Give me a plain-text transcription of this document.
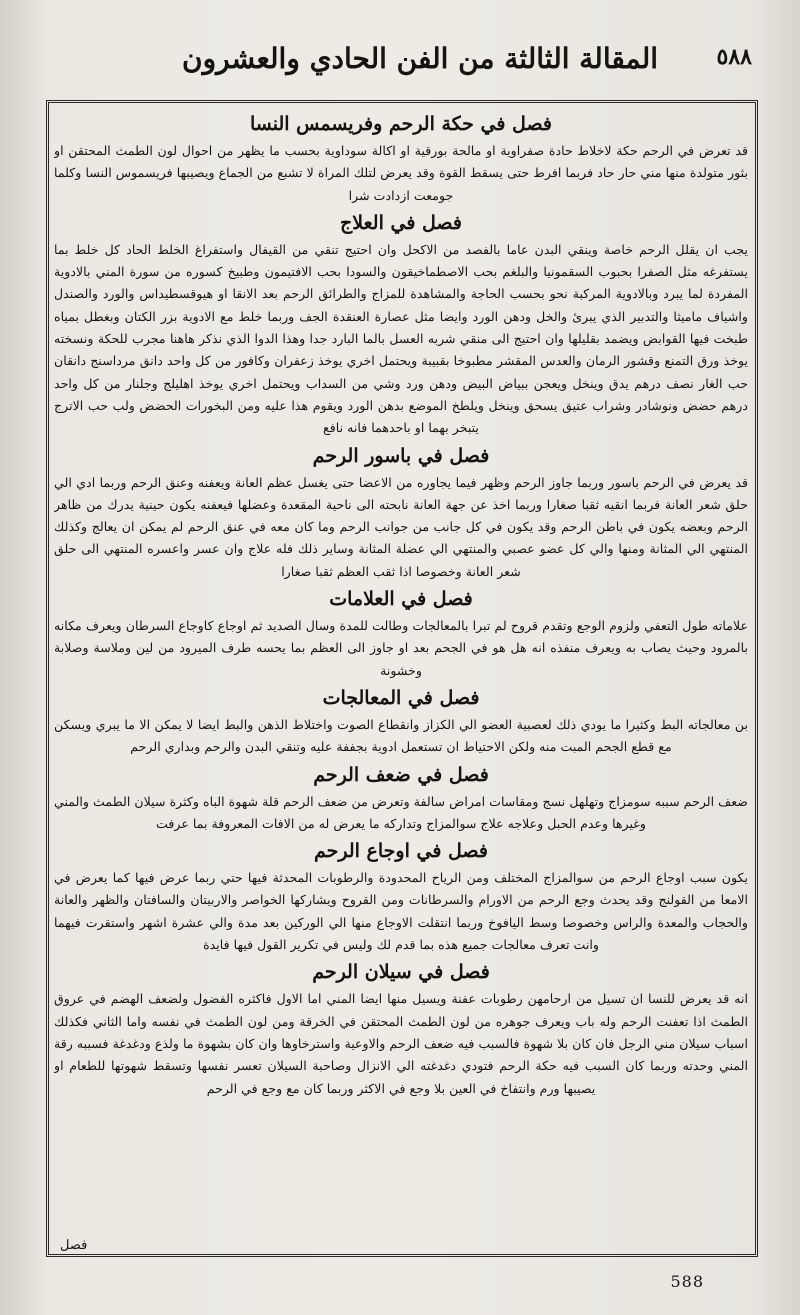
المقالة الثالثة من الفن الحادي والعشرون	٥٨٨
فصل في حكة الرحم وفريسمس النسا

قد تعرض في الرحم حكة لاخلاط حادة صفراوية او مالحة بورقية او اكالة سوداوية بحسب ما يظهر من احوال لون الطمث المحتقن او بثور متولدة منها مني حار حاد فربما افرط حتى يسقط القوة وقد يعرض لتلك المراة لا تشبع من الجماع ويصيبها فريسموس النسا وكلما جومعت ازدادت شرا

فصل في العلاج

يجب ان يقلل الرحم خاصة وينقي البدن عاما بالفصد من الاكحل وان احتيج تنقي من القيفال واستفراغ الخلط الحاد كل خلط بما يستفرغه مثل الصفرا بحبوب السقمونيا والبلغم بحب الاصطماخيقون والسودا بحب الافتيمون وطبيخ كسوره من سورة المني بالادوية المفردة لما يبرد وبالادوية المركبة نحو بحسب الحاجة والمشاهدة للمزاج والطرائق الرحم بعد الانقا او هيوقسطيداس والورد والصندل واشياف ماميثا والتدبير الذي يبرئ والخل ودهن الورد وايضا مثل عصارة العنقدة الجف وربما خلط مع الادوية بزر الكتان وبغطل بمياه طبخت فيها القوابض ويضمد بقليلها وان احتيج الى منقي شربه العسل بالما البارد جدا وهذا الدوا الذي نذكر هاهنا مجرب للحكة ونسخته يوخذ ورق التمنع وقشور الرمان والعدس المقشر مطبوخا بقبيبة ويحتمل اخري يوخذ زعفران وكافور من كل واحد دانق مرداسنج دانقان حب الغار نصف درهم يدق وينخل ويعجن ببياض البيض ودهن ورد وشي من السداب ويحتمل اخري يوخذ اهليلج وجلنار من كل واحد درهم حضض ونوشادر وشراب عتيق يسحق وينخل ويلطخ الموضع بدهن الورد ويقوم هذا عليه ومن البخورات الحضض ولب حب الاترج يتبخر بهما او باحدهما فانه نافع

فصل في باسور الرحم

قد يعرض في الرحم باسور وربما جاوز الرحم وظهر فيما يجاوره من الاعضا حتى يغسل عظم العانة ويعفنه وعنق الرحم وربما ادي الي حلق شعر العانة فربما انقيه ثقبا صغارا وربما اخذ عن جهة العانة نابحته الى ناحية المقعدة وعضلها فيعفنه يكون حينية يدرك من ظاهر الرحم وبعضه يكون في باطن الرحم وقد يكون في كل جانب من جوانب الرحم وما كان معه في عنق الرحم لم يمكن ان يعالج وكذلك المنتهي الي المثانة ومنها والي كل عضو عصبي والمنتهي الي عضلة المثانة وساير ذلك فله علاج وان عسر واعسره المنتهي الى حلق شعر العانة وخصوصا اذا ثقب العظم ثقبا صغارا

فصل في العلامات

علاماته طول التعفي ولزوم الوجع وتقدم قروح لم تبرا بالمعالجات وطالت للمدة وسال الصديد ثم اوجاع كاوجاع السرطان ويعرف مكانه بالمرود وحيث يصاب به ويعرف منفذه انه هل هو في الجحم بعد او جاوز الى العظم بما يحسه طرف الميرود من لين وملاسة وصلابة وخشونة

فصل في المعالجات

بن معالجاته البط وكثيرا ما يودي ذلك لعصبية العضو الي الكزاز وانقطاع الصوت واختلاط الذهن والبط ايضا لا يمكن الا ما يبري ويسكن مع قطع الجحم المبت منه ولكن الاحتياط ان تستعمل ادوية بجففة عليه وتنقي البدن والرحم وبداري الرحم

فصل في ضعف الرحم

ضعف الرحم سببه سومزاج وتهلهل نسج ومقاسات امراض سالفة وتعرض من ضعف الرحم قلة شهوة الباه وكثرة سيلان الطمث والمني وغيرها وعدم الحبل وعلاجه علاج سوالمزاج وتداركه ما يعرض له من الافات المعروفة بما عرفت

فصل في اوجاع الرحم

يكون سبب اوجاع الرحم من سوالمزاج المختلف ومن الرياح المحدودة والرطوبات المحدثة فيها حتي ربما عرض فيها كما يعرض في الامعا من القولنج وقد يحدث وجع الرحم من الاورام والسرطانات ومن القروح ويشاركها الخواصر والاربيتان والسافتان والظهر والعانة والحجاب والمعدة والراس وخصوصا وسط اليافوخ وربما انتقلت الاوجاع منها الي الوركين بعد مدة والي عشرة اشهر واستقرت فيهما وانت تعرف معالجات جميع هذه بما قدم لك وليس في تكرير القول فيها فايدة

فصل في سيلان الرحم

انه قد يعرض للنسا ان تسيل من ارحامهن رطوبات عفنة ويسيل منها ايضا المني اما الاول فاكثره الفضول ولضعف الهضم في عروق الطمث اذا تعفنت الرحم وله باب ويعرف جوهره من لون الطمث المحتقن في الخرقة ومن لون الطمث في نفسه واما الثاني فكذلك اسباب سيلان مني الرجل فان كان بلا شهوة فالسبب فيه ضعف الرحم والاوعية واسترخاوها وان كان بشهوة ما ولذع ودغدغة فسببه رقة المني وحدته وربما كان السبب فيه حكة الرحم فتودي دغدغته الي الانزال وصاحبة السيلان تعسر نفسها وتسقط شهوتها للطعام او يصيبها ورم وانتفاخ في العين بلا وجع في الاكثر وربما كان مع وجع في الرحم

فصل
588
